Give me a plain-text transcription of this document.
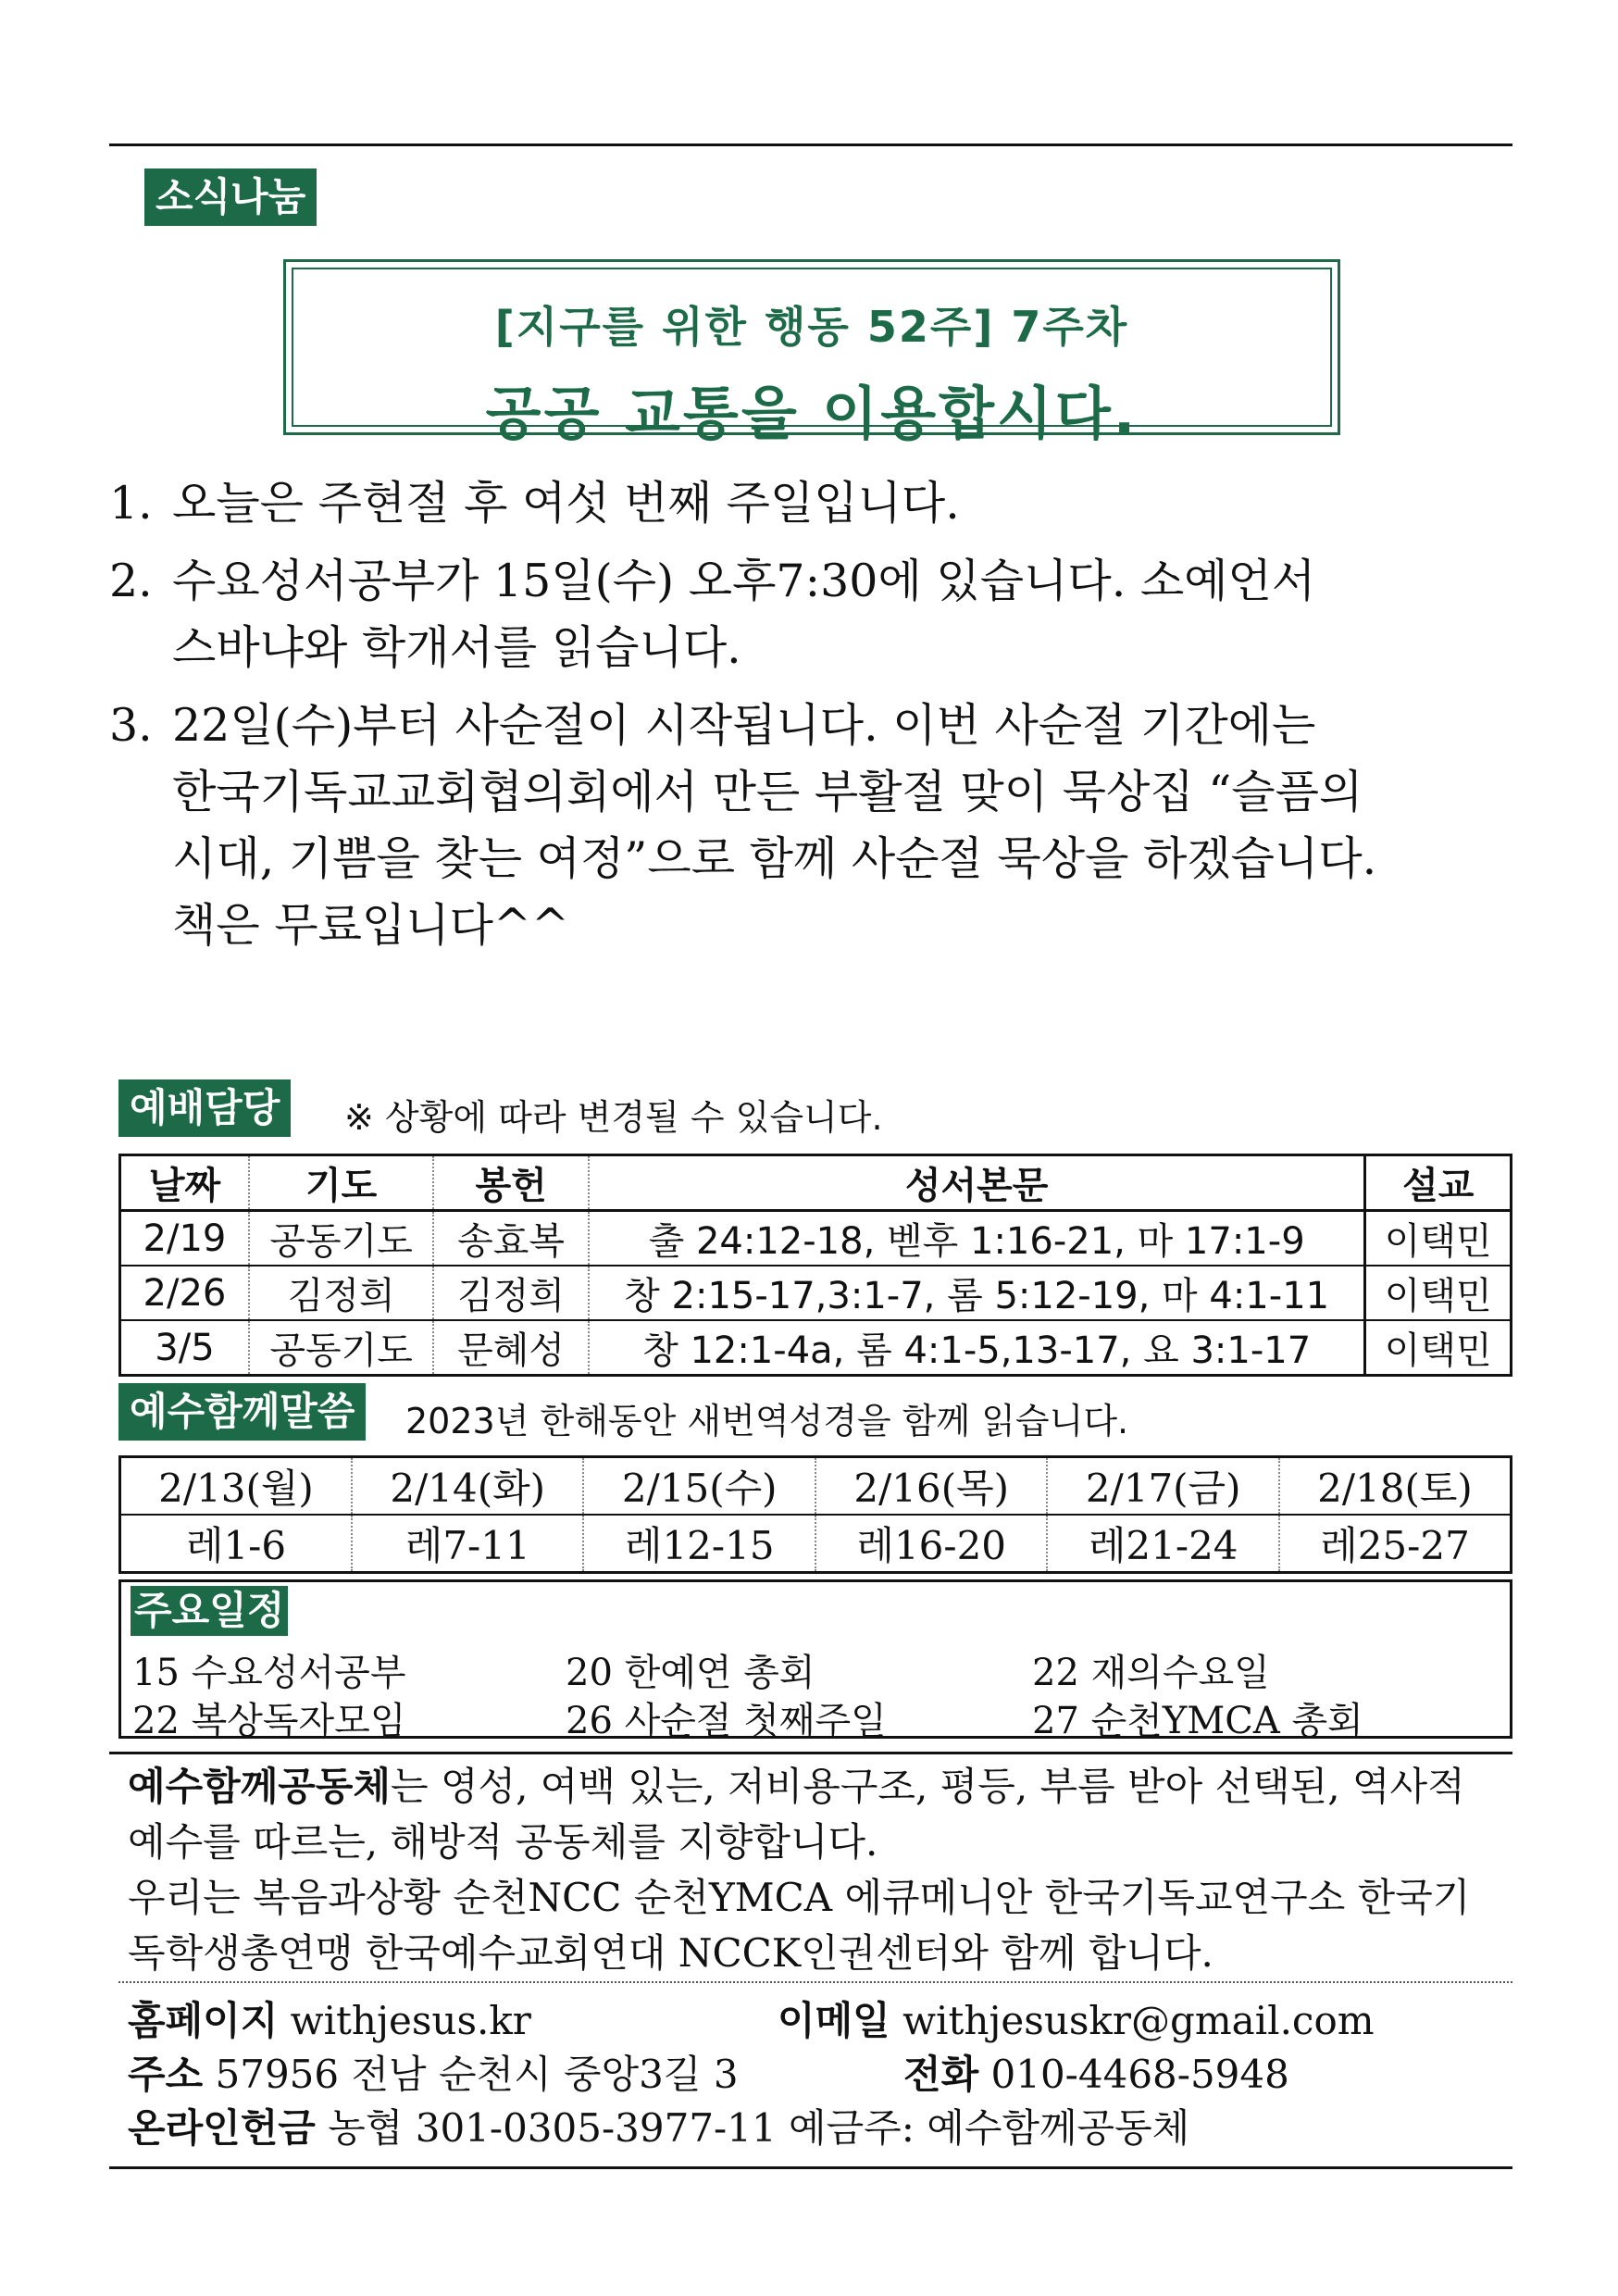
소식나눔
[지구를 위한 행동 52주] 7주차
공공 교통을 이용합시다.
1. 오늘은 주현절 후 여섯 번째 주일입니다.
2. 수요성서공부가 15일(수) 오후7:30에 있습니다. 소예언서
스바냐와 학개서를 읽습니다.
3. 22일(수)부터 사순절이 시작됩니다. 이번 사순절 기간에는
한국기독교교회협의회에서 만든 부활절 맞이 묵상집 “슬픔의
시대, 기쁨을 찾는 여정”으로 함께 사순절 묵상을 하겠습니다.
책은 무료입니다^^
예배담당	※ 상황에 따라 변경될 수 있습니다.
날짜	기도	봉헌	성서본문	설교
2/19	공동기도	송효복	출 24:12-18, 벧후 1:16-21, 마 17:1-9	이택민
2/26	김정희	김정희	창 2:15-17,3:1-7, 롬 5:12-19, 마 4:1-11	이택민
3/5	공동기도	문혜성	창 12:1-4a, 롬 4:1-5,13-17, 요 3:1-17	이택민
예수함께말씀	2023년 한해동안 새번역성경을 함께 읽습니다.
2/13(월)	2/14(화)	2/15(수)	2/16(목)	2/17(금)	2/18(토)
레1-6	레7-11	레12-15	레16-20	레21-24	레25-27
주요일정
15 수요성서공부	20 한예연 총회	22 재의수요일
22 복상독자모임	26 사순절 첫째주일	27 순천YMCA 총회
예수함께공동체는 영성, 여백 있는, 저비용구조, 평등, 부름 받아 선택된, 역사적 예수를 따르는, 해방적 공동체를 지향합니다.
우리는 복음과상황 순천NCC 순천YMCA 에큐메니안 한국기독교연구소 한국기독학생총연맹 한국예수교회연대 NCCK인권센터와 함께 합니다.
홈페이지 withjesus.kr	이메일 withjesuskr@gmail.com
주소 57956 전남 순천시 중앙3길 3	전화 010-4468-5948
온라인헌금 농협 301-0305-3977-11 예금주: 예수함께공동체
